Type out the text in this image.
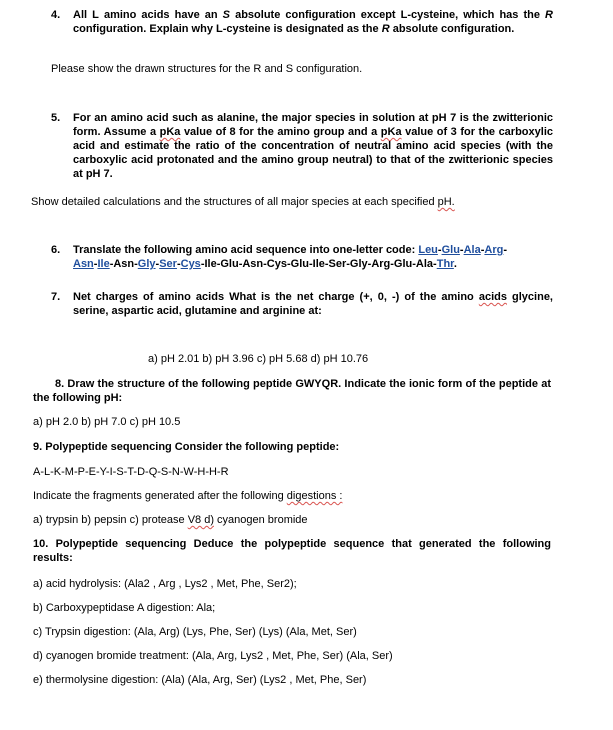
4. All L amino acids have an S absolute configuration except L-cysteine, which has the R configuration. Explain why L-cysteine is designated as the R absolute configuration.
Please show the drawn structures for the R and S configuration.
5. For an amino acid such as alanine, the major species in solution at pH 7 is the zwitterionic form. Assume a pKa value of 8 for the amino group and a pKa value of 3 for the carboxylic acid and estimate the ratio of the concentration of neutral amino acid species (with the carboxylic acid protonated and the amino group neutral) to that of the zwitterionic species at pH 7.
Show detailed calculations and the structures of all major species at each specified pH.
6. Translate the following amino acid sequence into one-letter code: Leu-Glu-Ala-Arg-
Asn-Ile-Asn-Gly-Ser-Cys-Ile-Glu-Asn-Cys-Glu-Ile-Ser-Gly-Arg-Glu-Ala-Thr.
7. Net charges of amino acids What is the net charge (+, 0, -) of the amino acids glycine, serine, aspartic acid, glutamine and arginine at:
a) pH 2.01 b) pH 3.96 c) pH 5.68 d) pH 10.76
8. Draw the structure of the following peptide GWYQR. Indicate the ionic form of the peptide at the following pH:
a) pH 2.0 b) pH 7.0 c) pH 10.5
9. Polypeptide sequencing Consider the following peptide:
A-L-K-M-P-E-Y-I-S-T-D-Q-S-N-W-H-H-R
Indicate the fragments generated after the following digestions :
a) trypsin b) pepsin c) protease V8 d) cyanogen bromide
10. Polypeptide sequencing Deduce the polypeptide sequence that generated the following results:
a) acid hydrolysis: (Ala2 , Arg , Lys2 , Met, Phe, Ser2);
b) Carboxypeptidase A digestion: Ala;
c) Trypsin digestion: (Ala, Arg) (Lys, Phe, Ser) (Lys) (Ala, Met, Ser)
d) cyanogen bromide treatment: (Ala, Arg, Lys2 , Met, Phe, Ser) (Ala, Ser)
e) thermolysine digestion: (Ala) (Ala, Arg, Ser) (Lys2 , Met, Phe, Ser)
